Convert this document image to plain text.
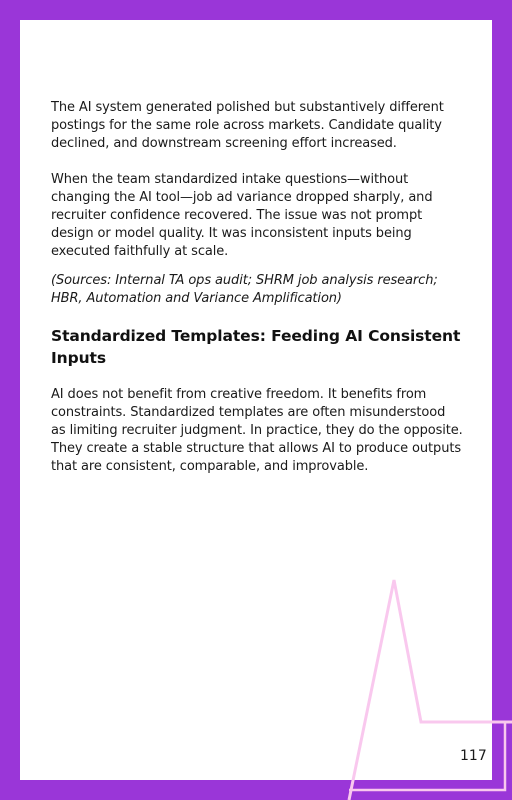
The AI system generated polished but substantively different postings for the same role across markets. Candidate quality declined, and downstream screening effort increased.

When the team standardized intake questions—without changing the AI tool—job ad variance dropped sharply, and recruiter confidence recovered. The issue was not prompt design or model quality. It was inconsistent inputs being executed faithfully at scale.

(Sources: Internal TA ops audit; SHRM job analysis research; HBR, Automation and Variance Amplification)

Standardized Templates: Feeding AI Consistent Inputs

AI does not benefit from creative freedom. It benefits from constraints. Standardized templates are often misunderstood as limiting recruiter judgment. In practice, they do the opposite. They create a stable structure that allows AI to produce outputs that are consistent, comparable, and improvable.

117
